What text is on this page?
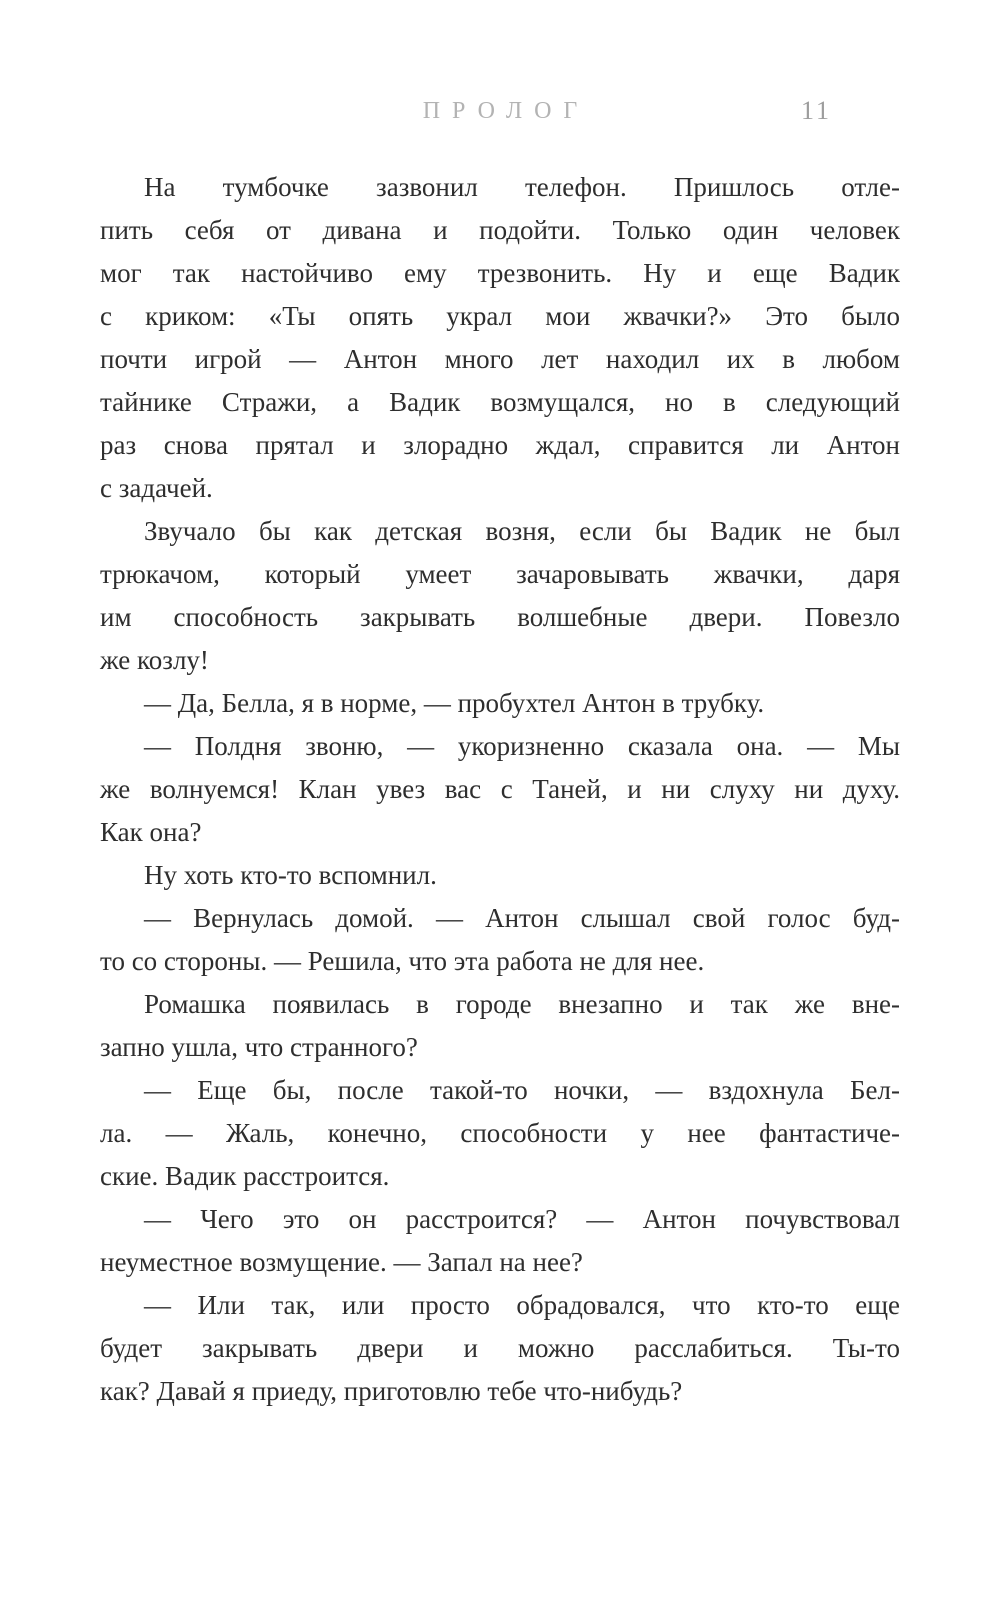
ПРОЛОГ	11
На тумбочке зазвонил телефон. Пришлось отле-
пить себя от дивана и подойти. Только один человек
мог так настойчиво ему трезвонить. Ну и еще Вадик
с криком: «Ты опять украл мои жвачки?» Это было
почти игрой — Антон много лет находил их в любом
тайнике Стражи, а Вадик возмущался, но в следующий
раз снова прятал и злорадно ждал, справится ли Антон
с задачей.
Звучало бы как детская возня, если бы Вадик не был
трюкачом, который умеет зачаровывать жвачки, даря
им способность закрывать волшебные двери. Повезло
же козлу!
— Да, Белла, я в норме, — пробухтел Антон в трубку.
— Полдня звоню, — укоризненно сказала она. — Мы
же волнуемся! Клан увез вас с Таней, и ни слуху ни духу.
Как она?
Ну хоть кто-то вспомнил.
— Вернулась домой. — Антон слышал свой голос буд-
то со стороны. — Решила, что эта работа не для нее.
Ромашка появилась в городе внезапно и так же вне-
запно ушла, что странного?
— Еще бы, после такой-то ночки, — вздохнула Бел-
ла. — Жаль, конечно, способности у нее фантастиче-
ские. Вадик расстроится.
— Чего это он расстроится? — Антон почувствовал
неуместное возмущение. — Запал на нее?
— Или так, или просто обрадовался, что кто-то еще
будет закрывать двери и можно расслабиться. Ты-то
как? Давай я приеду, приготовлю тебе что-нибудь?
